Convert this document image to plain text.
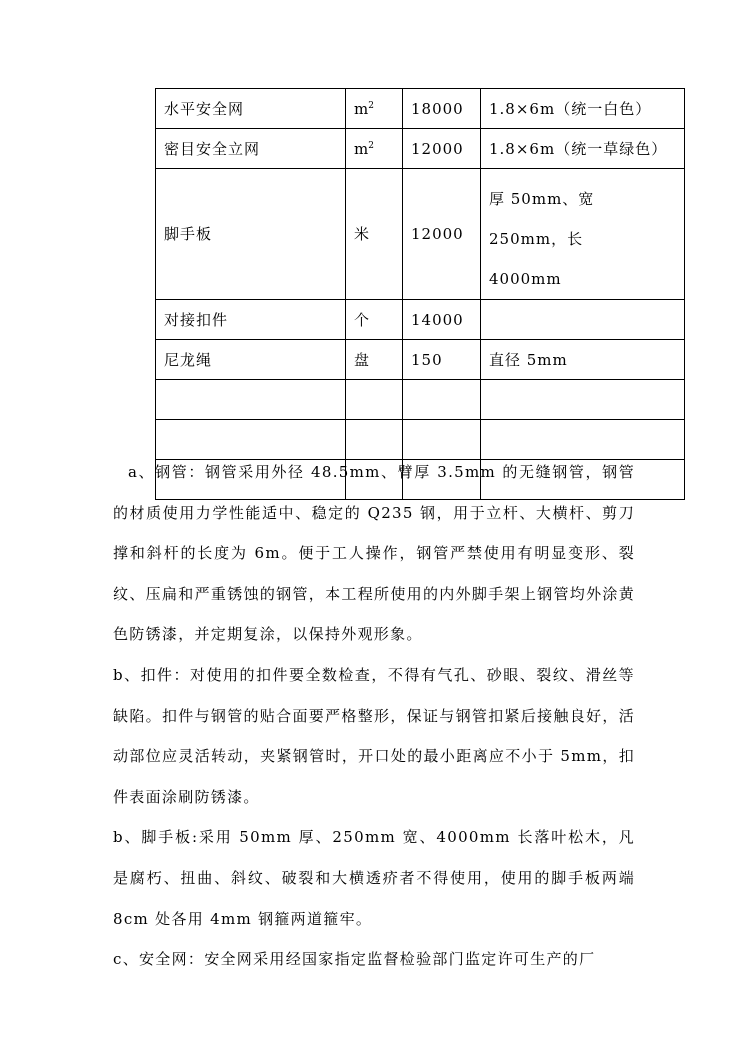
水平安全网	$m^2$	18000	1.8×6m（统一白色）
密目安全立网	$m^2$	12000	1.8×6m（统一草绿色）
脚手板	米	12000	厚 50mm、宽 250mm，长
4000mm
对接扣件	个	14000	
尼龙绳	盘	150	直径 5mm

a、钢管：钢管采用外径 48.5mm、臂厚 3.5mm 的无缝钢管，钢管的材质使用力学性能适中、稳定的 Q235 钢，用于立杆、大横杆、剪刀撑和斜杆的长度为 6m。便于工人操作，钢管严禁使用有明显变形、裂纹、压扁和严重锈蚀的钢管，本工程所使用的内外脚手架上钢管均外涂黄色防锈漆，并定期复涂，以保持外观形象。

b、扣件：对使用的扣件要全数检查，不得有气孔、砂眼、裂纹、滑丝等缺陷。扣件与钢管的贴合面要严格整形，保证与钢管扣紧后接触良好，活动部位应灵活转动，夹紧钢管时，开口处的最小距离应不小于 5mm，扣件表面涂刷防锈漆。

b、脚手板:采用 50mm 厚、250mm 宽、4000mm 长落叶松木，凡是腐朽、扭曲、斜纹、破裂和大横透疥者不得使用，使用的脚手板两端 8cm 处各用 4mm 钢箍两道箍牢。

c、安全网：安全网采用经国家指定监督检验部门监定许可生产的厂
